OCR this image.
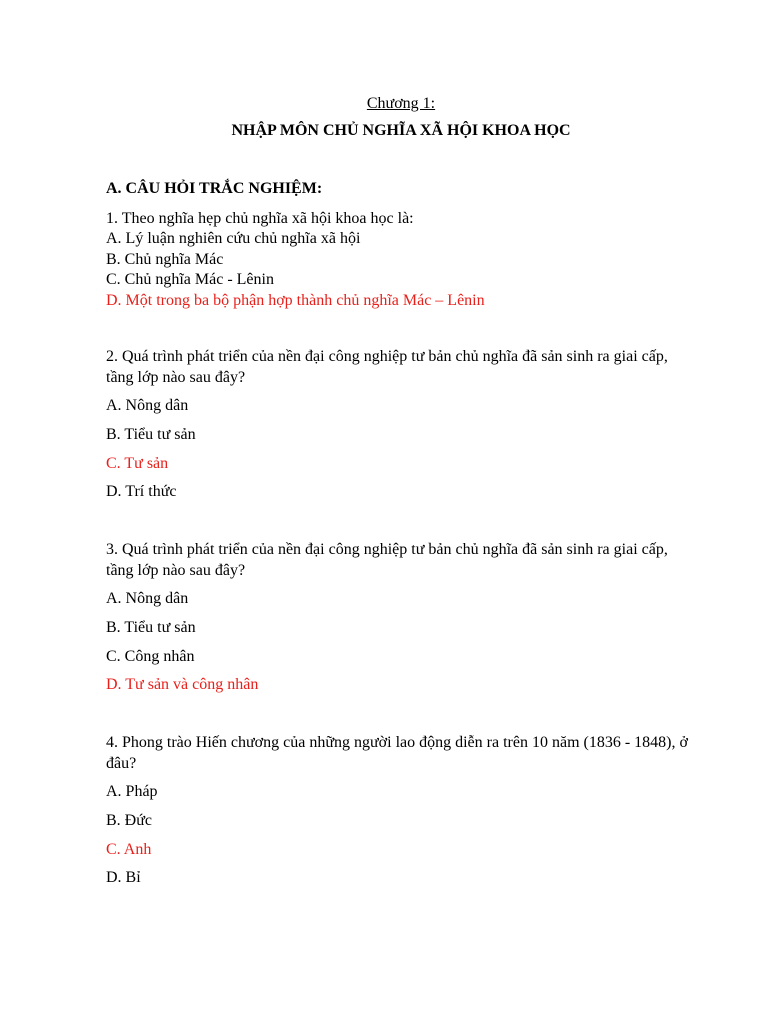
Chương 1:
NHẬP MÔN CHỦ NGHĨA XÃ HỘI KHOA HỌC
A. CÂU HỎI TRẮC NGHIỆM:

1. Theo nghĩa hẹp chủ nghĩa xã hội khoa học là:

A. Lý luận nghiên cứu chủ nghĩa xã hội

B. Chủ nghĩa Mác

C. Chủ nghĩa Mác - Lênin

D. Một trong ba bộ phận hợp thành chủ nghĩa Mác – Lênin

2. Quá trình phát triển của nền đại công nghiệp tư bản chủ nghĩa đã sản sinh ra giai cấp, tầng lớp nào sau đây?

A. Nông dân

B. Tiểu tư sản

C. Tư sản

D. Trí thức

3. Quá trình phát triển của nền đại công nghiệp tư bản chủ nghĩa đã sản sinh ra giai cấp, tầng lớp nào sau đây?

A. Nông dân

B. Tiểu tư sản

C. Công nhân

D. Tư sản và công nhân

4. Phong trào Hiến chương của những người lao động diễn ra trên 10 năm (1836 - 1848), ở đâu?

A. Pháp

B. Đức

C. Anh

D. Bỉ
